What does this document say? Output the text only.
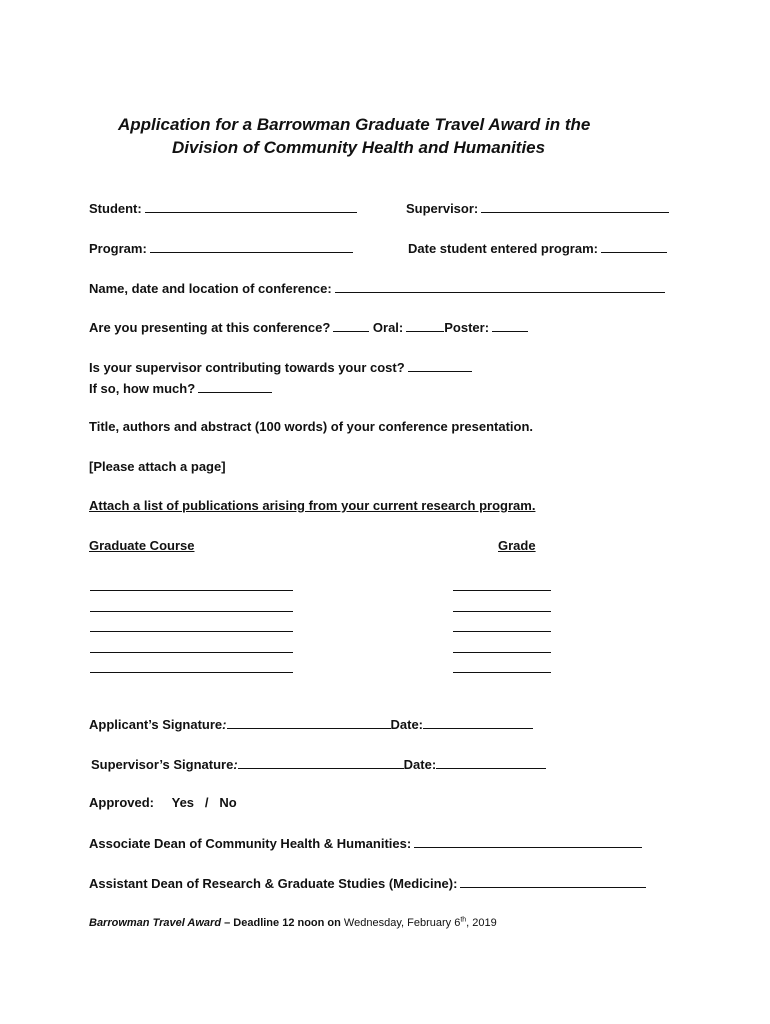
Application for a Barrowman Graduate Travel Award in the
Division of Community Health and Humanities
Student:	Supervisor:
Program:	Date student entered program:
Name, date and location of conference:
Are you presenting at this conference?	Oral:	Poster:
Is your supervisor contributing towards your cost?
If so, how much?
Title, authors and abstract (100 words) of your conference presentation.
[Please attach a page]
Attach a list of publications arising from your current research program.
Graduate Course	Grade
Applicant’s Signature:	Date:
Supervisor’s Signature:	Date:
Approved: Yes   /   No
Associate Dean of Community Health & Humanities:
Assistant Dean of Research & Graduate Studies (Medicine):
Barrowman Travel Award – Deadline 12 noon on Wednesday, February 6th, 2019
